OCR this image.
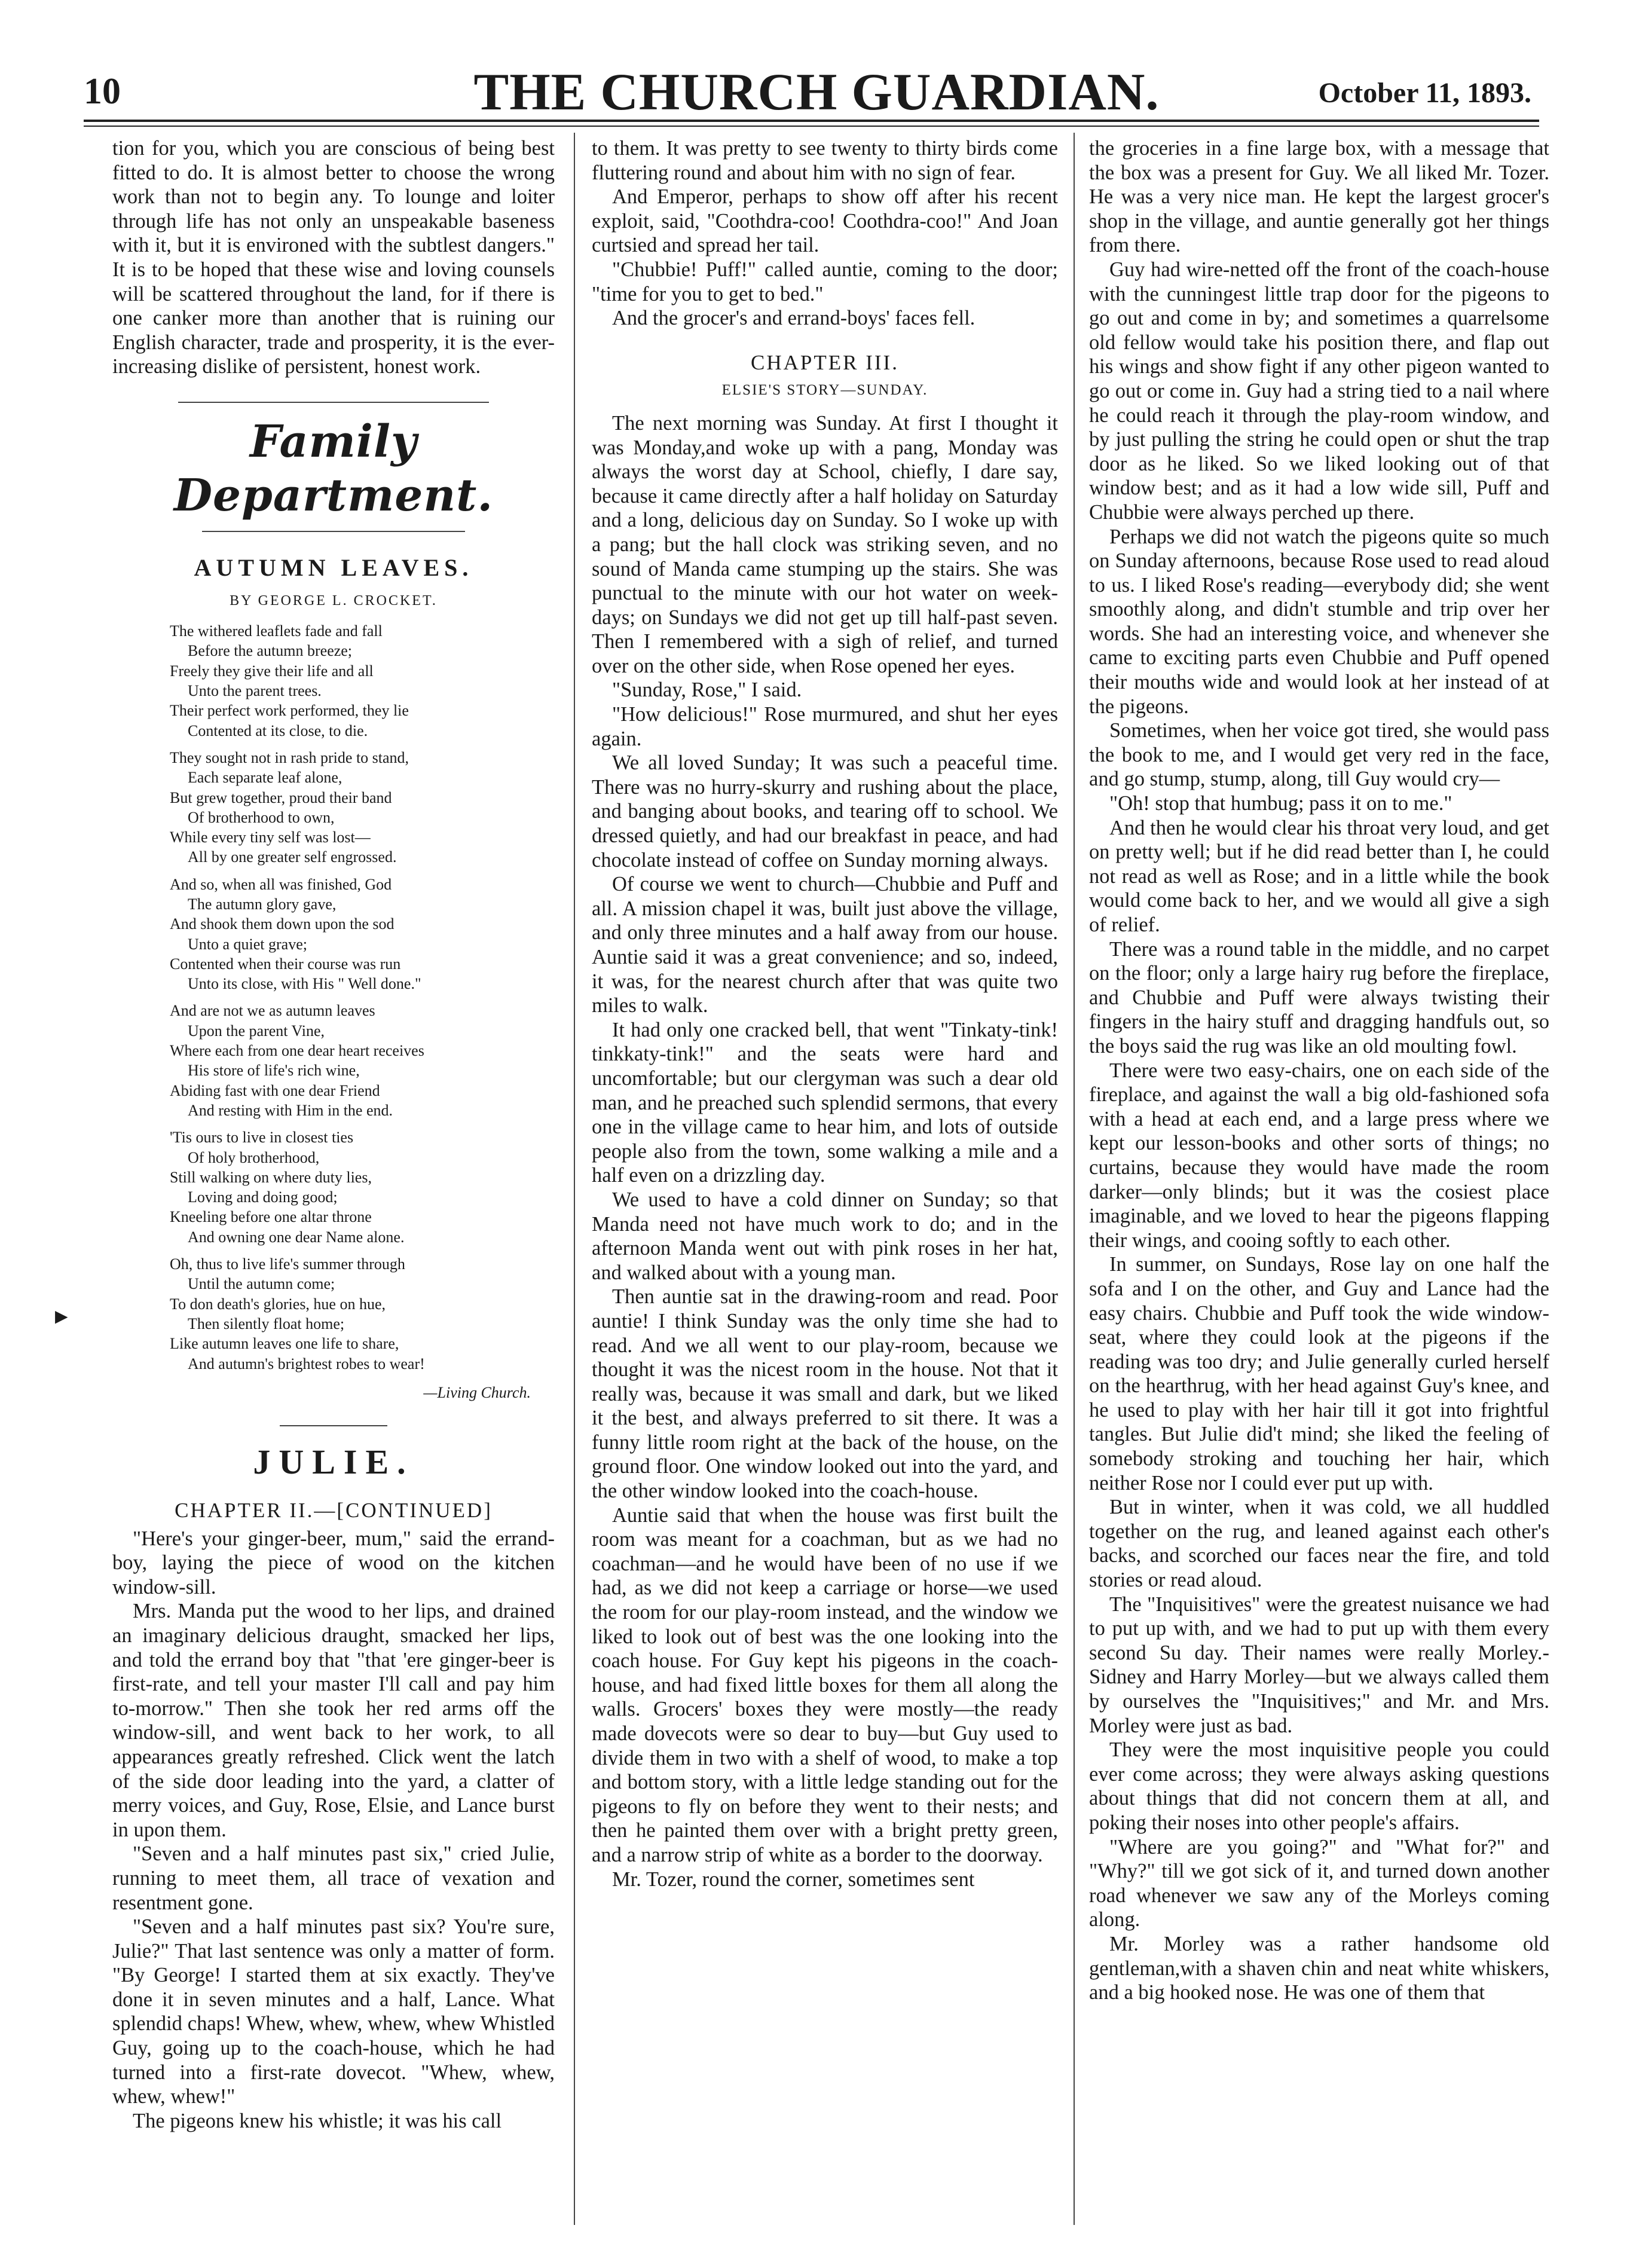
10	THE CHURCH GUARDIAN.	October 11, 1893.
▶

tion for you, which you are conscious of being best fitted to do. It is almost better to choose the wrong work than not to begin any. To lounge and loiter through life has not only an unspeakable baseness with it, but it is environed with the subtlest dangers." It is to be hoped that these wise and loving counsels will be scattered throughout the land, for if there is one canker more than another that is ruining our English character, trade and prosperity, it is the ever-increasing dislike of persistent, honest work.

Family Department.
AUTUMN LEAVES.
BY GEORGE L. CROCKET.
The withered leaflets fade and fall
Before the autumn breeze;
Freely they give their life and all
Unto the parent trees.
Their perfect work performed, they lie
Contented at its close, to die.
They sought not in rash pride to stand,
Each separate leaf alone,
But grew together, proud their band
Of brotherhood to own,
While every tiny self was lost—
All by one greater self engrossed.
And so, when all was finished, God
The autumn glory gave,
And shook them down upon the sod
Unto a quiet grave;
Contented when their course was run
Unto its close, with His " Well done."
And are not we as autumn leaves
Upon the parent Vine,
Where each from one dear heart receives
His store of life's rich wine,
Abiding fast with one dear Friend
And resting with Him in the end.
'Tis ours to live in closest ties
Of holy brotherhood,
Still walking on where duty lies,
Loving and doing good;
Kneeling before one altar throne
And owning one dear Name alone.
Oh, thus to live life's summer through
Until the autumn come;
To don death's glories, hue on hue,
Then silently float home;
Like autumn leaves one life to share,
And autumn's brightest robes to wear!
—Living Church.
JULIE.
CHAPTER II.—[CONTINUED]

"Here's your ginger-beer, mum," said the errand-boy, laying the piece of wood on the kitchen window-sill.

Mrs. Manda put the wood to her lips, and drained an imaginary delicious draught, smacked her lips, and told the errand boy that "that 'ere ginger-beer is first-rate, and tell your master I'll call and pay him to-morrow." Then she took her red arms off the window-sill, and went back to her work, to all appearances greatly refreshed. Click went the latch of the side door leading into the yard, a clatter of merry voices, and Guy, Rose, Elsie, and Lance burst in upon them.

"Seven and a half minutes past six," cried Julie, running to meet them, all trace of vexation and resentment gone.

"Seven and a half minutes past six? You're sure, Julie?" That last sentence was only a matter of form. "By George! I started them at six exactly. They've done it in seven minutes and a half, Lance. What splendid chaps! Whew, whew, whew, whew Whistled Guy, going up to the coach-house, which he had turned into a first-rate dovecot. "Whew, whew, whew, whew!"

The pigeons knew his whistle; it was his call

to them. It was pretty to see twenty to thirty birds come fluttering round and about him with no sign of fear.

And Emperor, perhaps to show off after his recent exploit, said, "Coothdra-coo! Coothdra-coo!" And Joan curtsied and spread her tail.

"Chubbie! Puff!" called auntie, coming to the door; "time for you to get to bed."

And the grocer's and errand-boys' faces fell.

CHAPTER III.
ELSIE'S STORY—SUNDAY.

The next morning was Sunday. At first I thought it was Monday,and woke up with a pang, Monday was always the worst day at School, chiefly, I dare say, because it came directly after a half holiday on Saturday and a long, delicious day on Sunday. So I woke up with a pang; but the hall clock was striking seven, and no sound of Manda came stumping up the stairs. She was punctual to the minute with our hot water on week-days; on Sundays we did not get up till half-past seven. Then I remembered with a sigh of relief, and turned over on the other side, when Rose opened her eyes.

"Sunday, Rose," I said.

"How delicious!" Rose murmured, and shut her eyes again.

We all loved Sunday; It was such a peaceful time. There was no hurry-skurry and rushing about the place, and banging about books, and tearing off to school. We dressed quietly, and had our breakfast in peace, and had chocolate instead of coffee on Sunday morning always.

Of course we went to church—Chubbie and Puff and all. A mission chapel it was, built just above the village, and only three minutes and a half away from our house. Auntie said it was a great convenience; and so, indeed, it was, for the nearest church after that was quite two miles to walk.

It had only one cracked bell, that went "Tinkaty-tink! tinkkaty-tink!" and the seats were hard and uncomfortable; but our clergyman was such a dear old man, and he preached such splendid sermons, that every one in the village came to hear him, and lots of outside people also from the town, some walking a mile and a half even on a drizzling day.

We used to have a cold dinner on Sunday; so that Manda need not have much work to do; and in the afternoon Manda went out with pink roses in her hat, and walked about with a young man.

Then auntie sat in the drawing-room and read. Poor auntie! I think Sunday was the only time she had to read. And we all went to our play-room, because we thought it was the nicest room in the house. Not that it really was, because it was small and dark, but we liked it the best, and always preferred to sit there. It was a funny little room right at the back of the house, on the ground floor. One window looked out into the yard, and the other window looked into the coach-house.

Auntie said that when the house was first built the room was meant for a coachman, but as we had no coachman—and he would have been of no use if we had, as we did not keep a carriage or horse—we used the room for our play-room instead, and the window we liked to look out of best was the one looking into the coach house. For Guy kept his pigeons in the coach-house, and had fixed little boxes for them all along the walls. Grocers' boxes they were mostly—the ready made dovecots were so dear to buy—but Guy used to divide them in two with a shelf of wood, to make a top and bottom story, with a little ledge standing out for the pigeons to fly on before they went to their nests; and then he painted them over with a bright pretty green, and a narrow strip of white as a border to the doorway.

Mr. Tozer, round the corner, sometimes sent

the groceries in a fine large box, with a message that the box was a present for Guy. We all liked Mr. Tozer. He was a very nice man. He kept the largest grocer's shop in the village, and auntie generally got her things from there.

Guy had wire-netted off the front of the coach-house with the cunningest little trap door for the pigeons to go out and come in by; and sometimes a quarrelsome old fellow would take his position there, and flap out his wings and show fight if any other pigeon wanted to go out or come in. Guy had a string tied to a nail where he could reach it through the play-room window, and by just pulling the string he could open or shut the trap door as he liked. So we liked looking out of that window best; and as it had a low wide sill, Puff and Chubbie were always perched up there.

Perhaps we did not watch the pigeons quite so much on Sunday afternoons, because Rose used to read aloud to us. I liked Rose's reading—everybody did; she went smoothly along, and didn't stumble and trip over her words. She had an interesting voice, and whenever she came to exciting parts even Chubbie and Puff opened their mouths wide and would look at her instead of at the pigeons.

Sometimes, when her voice got tired, she would pass the book to me, and I would get very red in the face, and go stump, stump, along, till Guy would cry—

"Oh! stop that humbug; pass it on to me."

And then he would clear his throat very loud, and get on pretty well; but if he did read better than I, he could not read as well as Rose; and in a little while the book would come back to her, and we would all give a sigh of relief.

There was a round table in the middle, and no carpet on the floor; only a large hairy rug before the fireplace, and Chubbie and Puff were always twisting their fingers in the hairy stuff and dragging handfuls out, so the boys said the rug was like an old moulting fowl.

There were two easy-chairs, one on each side of the fireplace, and against the wall a big old-fashioned sofa with a head at each end, and a large press where we kept our lesson-books and other sorts of things; no curtains, because they would have made the room darker—only blinds; but it was the cosiest place imaginable, and we loved to hear the pigeons flapping their wings, and cooing softly to each other.

In summer, on Sundays, Rose lay on one half the sofa and I on the other, and Guy and Lance had the easy chairs. Chubbie and Puff took the wide window-seat, where they could look at the pigeons if the reading was too dry; and Julie generally curled herself on the hearthrug, with her head against Guy's knee, and he used to play with her hair till it got into frightful tangles. But Julie did't mind; she liked the feeling of somebody stroking and touching her hair, which neither Rose nor I could ever put up with.

But in winter, when it was cold, we all huddled together on the rug, and leaned against each other's backs, and scorched our faces near the fire, and told stories or read aloud.

The "Inquisitives" were the greatest nuisance we had to put up with, and we had to put up with them every second Su day. Their names were really Morley.-Sidney and Harry Morley—but we always called them by ourselves the "Inquisitives;" and Mr. and Mrs. Morley were just as bad.

They were the most inquisitive people you could ever come across; they were always asking questions about things that did not concern them at all, and poking their noses into other people's affairs.

"Where are you going?" and "What for?" and "Why?" till we got sick of it, and turned down another road whenever we saw any of the Morleys coming along.

Mr. Morley was a rather handsome old gentleman,with a shaven chin and neat white whiskers, and a big hooked nose. He was one of them that
